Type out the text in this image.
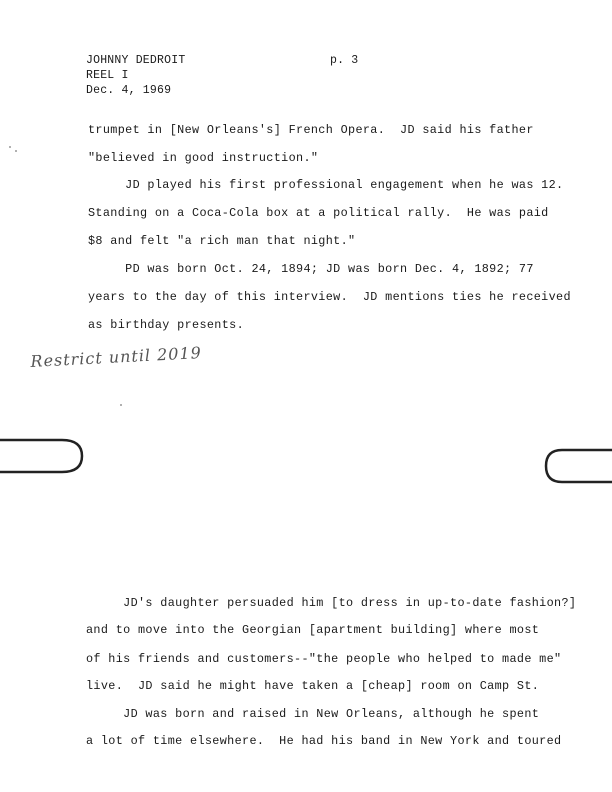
JOHNNY DEDROIT	p. 3
REEL I
Dec. 4, 1969
trumpet in [New Orleans's] French Opera.  JD said his father
"believed in good instruction."
JD played his first professional engagement when he was 12.
Standing on a Coca-Cola box at a political rally.  He was paid
$8 and felt "a rich man that night."
PD was born Oct. 24, 1894; JD was born Dec. 4, 1892; 77
years to the day of this interview.  JD mentions ties he received
as birthday presents.
Restrict until 2019
JD's daughter persuaded him [to dress in up-to-date fashion?]
and to move into the Georgian [apartment building] where most
of his friends and customers--"the people who helped to made me"
live.  JD said he might have taken a [cheap] room on Camp St.
JD was born and raised in New Orleans, although he spent
a lot of time elsewhere.  He had his band in New York and toured
